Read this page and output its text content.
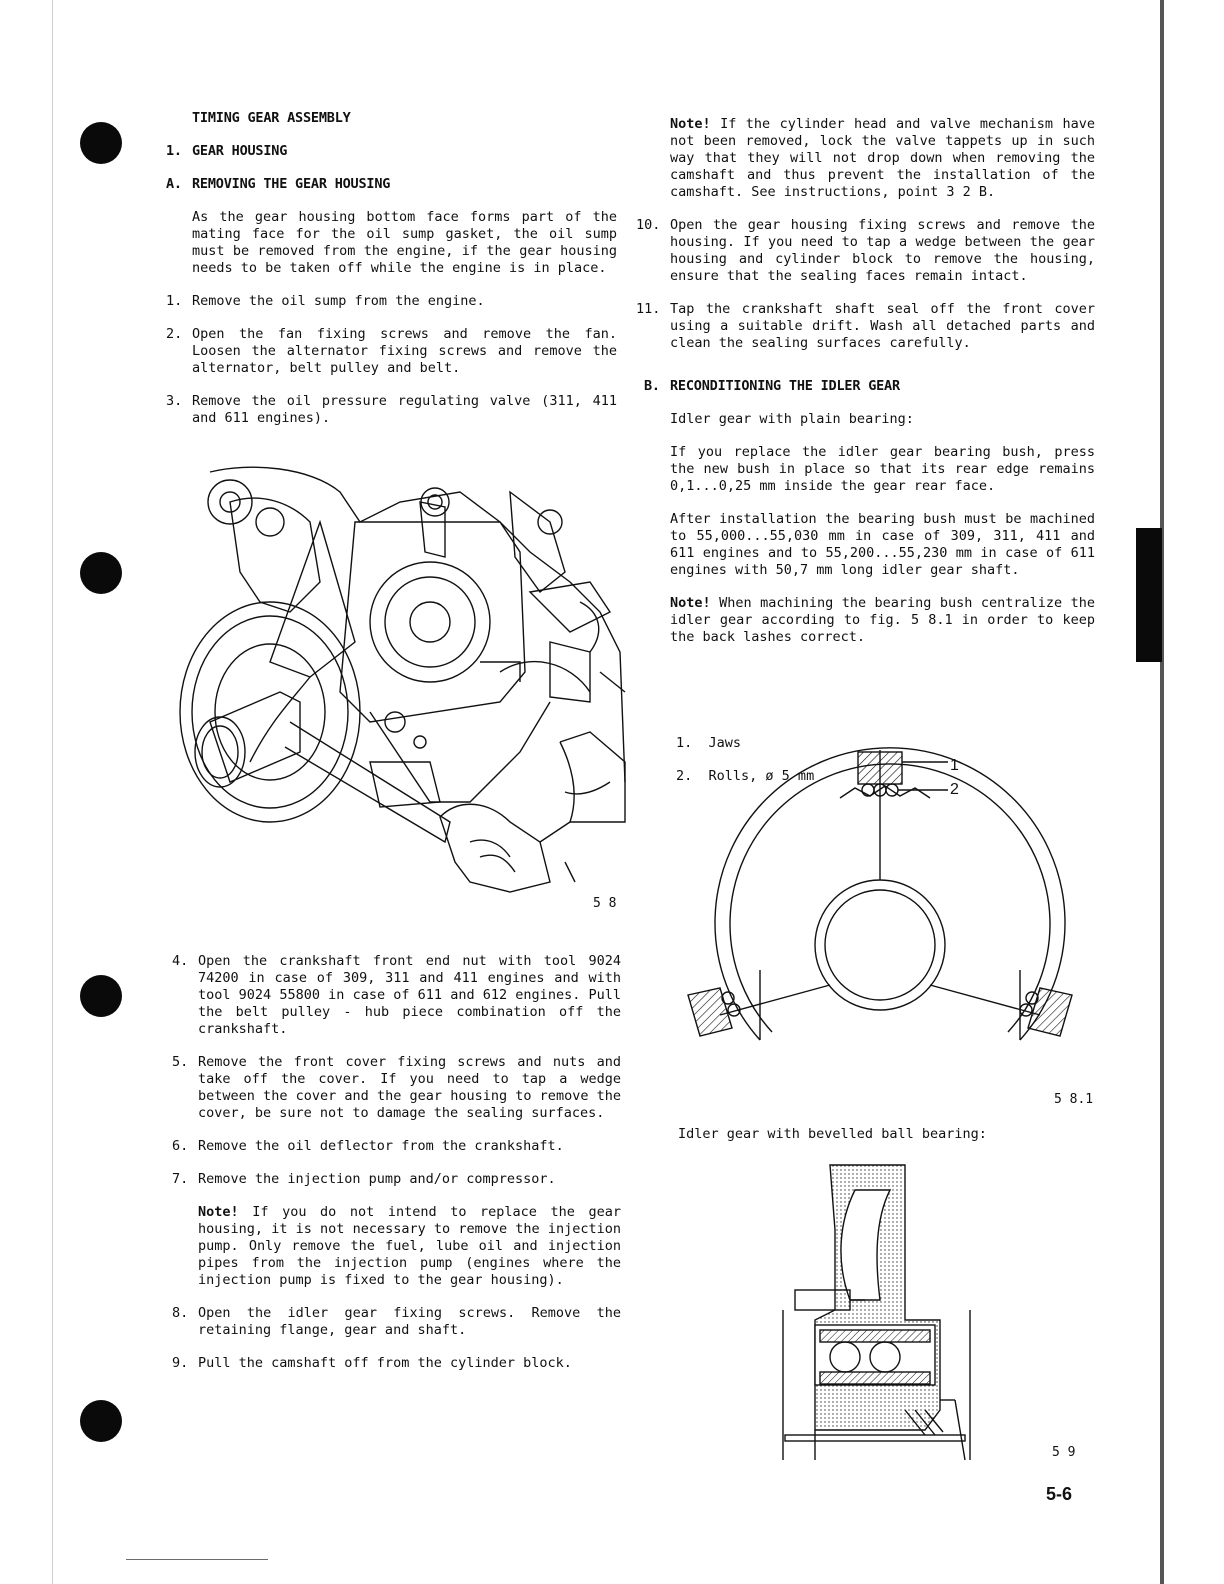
TIMING GEAR ASSEMBLY

1. GEAR HOUSING

A. REMOVING THE GEAR HOUSING

As the gear housing bottom face forms part of the mating face for the oil sump gasket, the oil sump must be removed from the engine, if the gear housing needs to be taken off while the engine is in place.

1. Remove the oil sump from the engine.

2. Open the fan fixing screws and remove the fan. Loosen the alternator fixing screws and remove the alternator, belt pulley and belt.

3. Remove the oil pressure regulating valve (311, 411 and 611 engines).

5 8

4. Open the crankshaft front end nut with tool 9024 74200 in case of 309, 311 and 411 engines and with tool 9024 55800 in case of 611 and 612 engines. Pull the belt pulley - hub piece combination off the crankshaft.

5. Remove the front cover fixing screws and nuts and take off the cover. If you need to tap a wedge between the cover and the gear housing to remove the cover, be sure not to damage the sealing surfaces.

6. Remove the oil deflector from the crankshaft.

7. Remove the injection pump and/or compressor.

Note! If you do not intend to replace the gear housing, it is not necessary to remove the injection pump. Only remove the fuel, lube oil and injection pipes from the injection pump (engines where the injection pump is fixed to the gear housing).

8. Open the idler gear fixing screws. Remove the retaining flange, gear and shaft.

9. Pull the camshaft off from the cylinder block.

Note! If the cylinder head and valve mechanism have not been removed, lock the valve tappets up in such way that they will not drop down when removing the camshaft and thus prevent the installation of the camshaft. See instructions, point 3 2 B.

10. Open the gear housing fixing screws and remove the housing. If you need to tap a wedge between the gear housing and cylinder block to remove the housing, ensure that the sealing faces remain intact.

11. Tap the crankshaft shaft seal off the front cover using a suitable drift. Wash all detached parts and clean the sealing surfaces carefully.

B. RECONDITIONING THE IDLER GEAR

Idler gear with plain bearing:

If you replace the idler gear bearing bush, press the new bush in place so that its rear edge remains 0,1...0,25 mm inside the gear rear face.

After installation the bearing bush must be machined to 55,000...55,030 mm in case of 309, 311, 411 and 611 engines and to 55,200...55,230 mm in case of 611 engines with 50,7 mm long idler gear shaft.

Note! When machining the bearing bush centralize the idler gear according to fig. 5 8.1 in order to keep the back lashes correct.

1. Jaws

2. Rolls, ø 5 mm

1
2
5 8.1

Idler gear with bevelled ball bearing:

5 9
5-6
